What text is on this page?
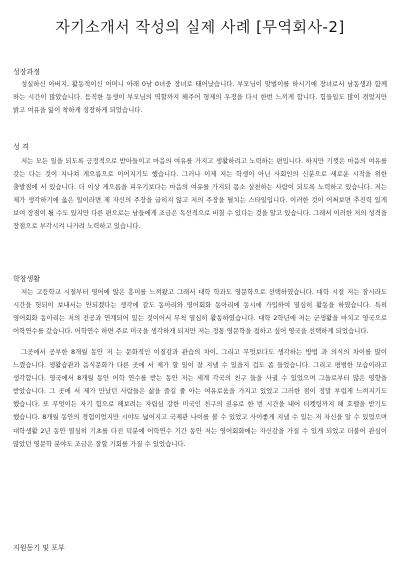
자기소개서 작성의 실제 사례 [무역회사-2]
성장과정

성실하신 아버지, 활동적이신 어머니 아래 0남 0녀중 장녀로 태어났습니다. 부모님이 맞벌이를 하시기에 장녀로서 남동생과 함께 하는 시간이 많았습니다. 듬직한 동생이 부모님의 역할까지 해주어 형제의 우정을 다시 한번 느끼게 합니다. 힘들일도 많이 겪었지만 밝고 여유을 잃이 착하게 성장하게 되었습니다.

성 격

저는 모든 일을 되도록 긍정적으로 받아들이고 마음의 여유를 가지고 생활하려고 노력하는 편입니다. 하지만 기껏은 마음의 여유를 갖는 다는 것이 지나쳐 게으름으로 이어지기도 했습니다. 그러나 이제 저는 학생이 아닌 사회인의 신분으로 새로운 시작을 위한 출발점에 서 있습니다. 더 이상 게으름을 피우기보다는 마음의 여유를 가지되 몸소 실천하는 사람이 되도록 노력하고 있습니다. 저는 제가 생각하기에 옳은 일이라면 제 자신의 주장을 굽히지 않고 저의 주장을 펼치는 스타일입니다. 이러한 것이 어쩌보면 추진력 있게 보여 장점이 될 수도 있지만 다른 편으로는 남들에게 조금은 독선적으로 비칠 수 있다는 것을 알고 있습니다. 그래서 이러한 저의 성격을 장점으로 부각시켜 나가려 노력하고 있습니다.

학창생활

저는 고등학교 시절부터 영어에 많은 흥미를 느껴왔고 그래서 대학 학과도 영문학으로 선택하였습니다. 대학 시절 저는 잠시라도 시간을 헛되이 보내서는 안되겠다는 생각에 같도 동아리와 영어회화 동아리에 동시에 가입하여 열심히 활동을 하였습니다. 특히 영어회화 동아리는 저의 전공과 연계되어 있는 것이어서 무척 열심히 활동하였습니다. 대학 2학년에 저는 군생활을 마치고 영국으로 어학연수를 갔습니다. 어학연수 하면 주로 미국을 생각하게 되지만 저는 정통 영문학을 접하고 싶어 영국을 선택하게 되었습니다.

그곳에서 공부한 8개월 동안 저 는 문화적인 이질감과 관습의 차이, 그리고 무엇보다도 생각하는 방법 과 의식의 차이를 많이 느꼈습니다. 생활습관과 음식문화가 다른 곳에 서 제가 할 일이 잘 지낼 수 있을지 겁도 좀 들었습니다. 그리고 평범한 모습이라고 생각합니다. 영국에서 8개월 동안 어학 연수를 받는 동안 저는 세계 각국의 친구 들을 사귈 수 있었으며 그들로부터 많은 영향을 받았습니다. 그 곳에 서 제가 만났던 사람들은 삶을 즐길 줄 아는 여유로움을 가지고 있었고 그러한 점이 정말 부럽게 느껴지기도 했습니다. 또 무엇이든 자기 힘으로 해보려는 자립심 강한 미국인 친구의 권유로 한 번 시간을 내어 티켓팅까지 해 호텔을 받기도 했습니다. 8개월 동안의 경험이었지만 시야도 넓어지고 국제관 나이를 볼 수 있었고 사이좋게 지낼 수 있는 저 자신을 알 수 있었으며 대학생활 2년 동안 열심히 기초를 다진 덕분에 어학연수 기간 동안 저는 영어회화에는 자신감을 가질 수 있게 되었고 더불어 관심이 많았던 영문학 분야도 조금은 잘할 기회를 가질 수 있었습니다.

지원동기 및 포부
